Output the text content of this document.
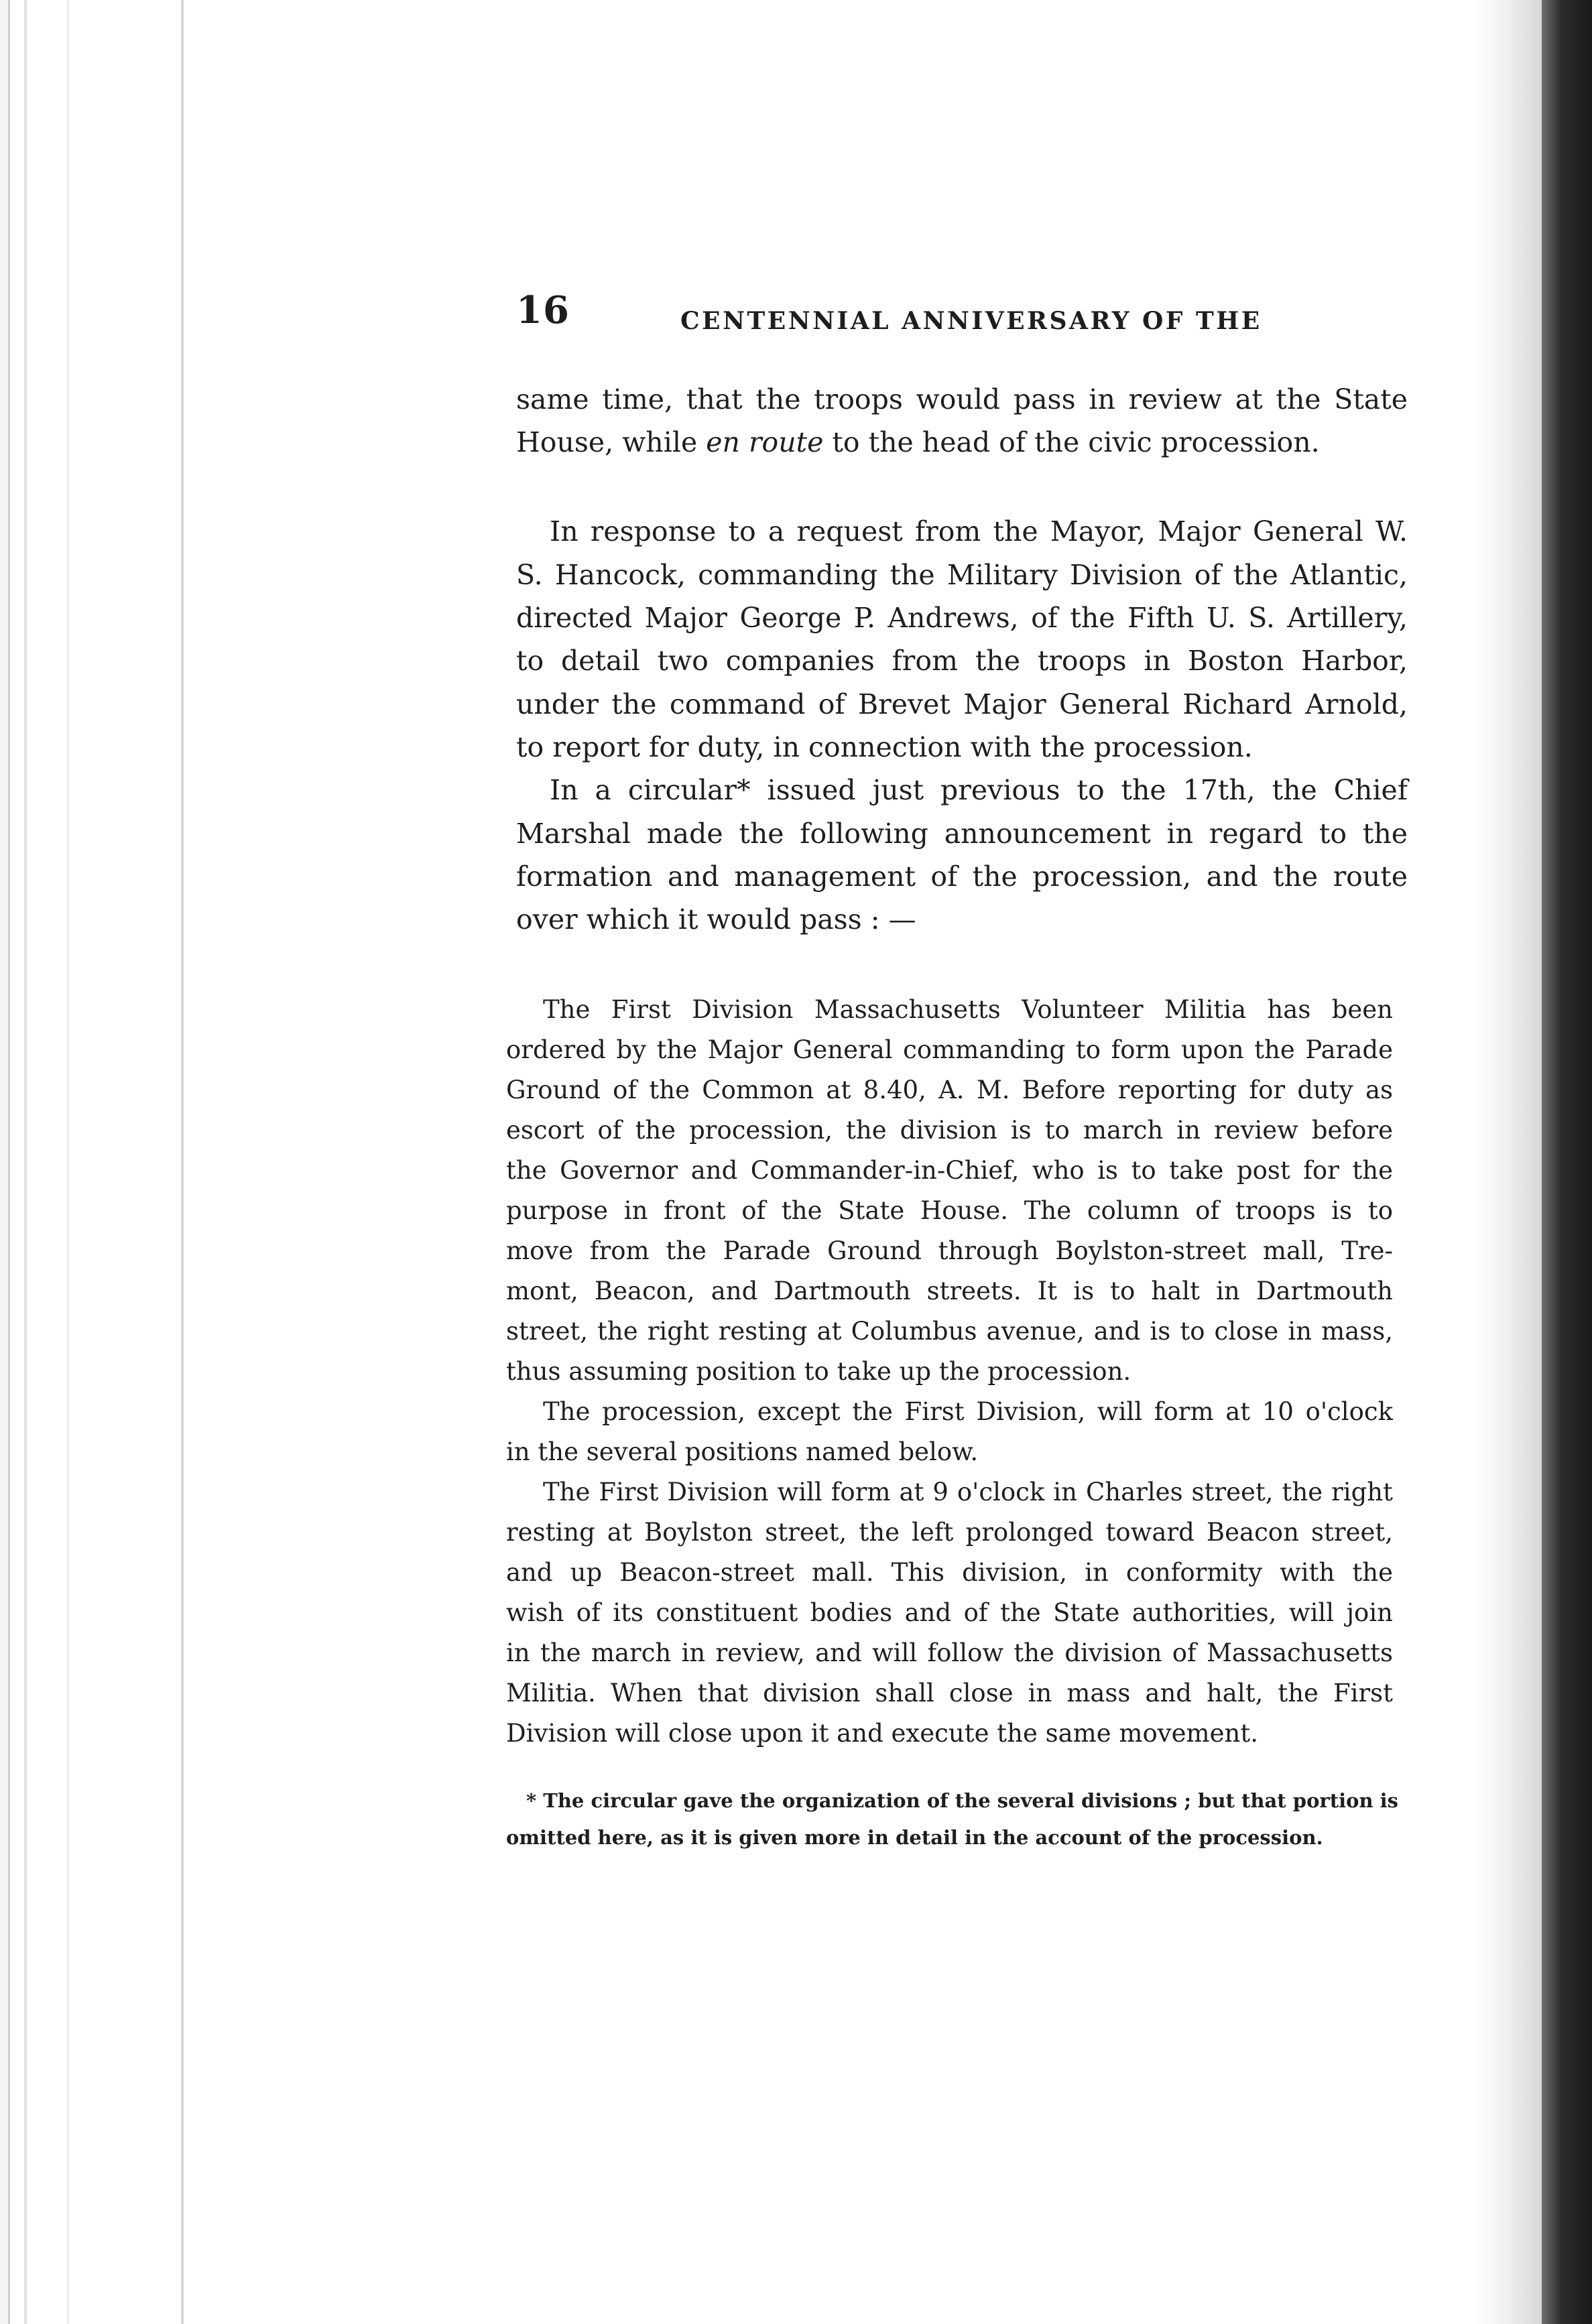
16	CENTENNIAL ANNIVERSARY OF THE
same time, that the troops would pass in review at the State
House, while en route to the head of the civic procession.
In response to a request from the Mayor, Major General W.
S. Hancock, commanding the Military Division of the Atlantic,
directed Major George P. Andrews, of the Fifth U. S. Artillery,
to detail two companies from the troops in Boston Harbor,
under the command of Brevet Major General Richard Arnold,
to report for duty, in connection with the procession.
In a circular* issued just previous to the 17th, the Chief
Marshal made the following announcement in regard to the
formation and management of the procession, and the route
over which it would pass : —
The First Division Massachusetts Volunteer Militia has been
ordered by the Major General commanding to form upon the Parade
Ground of the Common at 8.40, A. M. Before reporting for duty as
escort of the procession, the division is to march in review before
the Governor and Commander-in-Chief, who is to take post for the
purpose in front of the State House. The column of troops is to
move from the Parade Ground through Boylston-street mall, Tre-
mont, Beacon, and Dartmouth streets. It is to halt in Dartmouth
street, the right resting at Columbus avenue, and is to close in mass,
thus assuming position to take up the procession.
The procession, except the First Division, will form at 10 o'clock
in the several positions named below.
The First Division will form at 9 o'clock in Charles street, the right
resting at Boylston street, the left prolonged toward Beacon street,
and up Beacon-street mall. This division, in conformity with the
wish of its constituent bodies and of the State authorities, will join
in the march in review, and will follow the division of Massachusetts
Militia. When that division shall close in mass and halt, the First
Division will close upon it and execute the same movement.
* The circular gave the organization of the several divisions ; but that portion is
omitted here, as it is given more in detail in the account of the procession.
